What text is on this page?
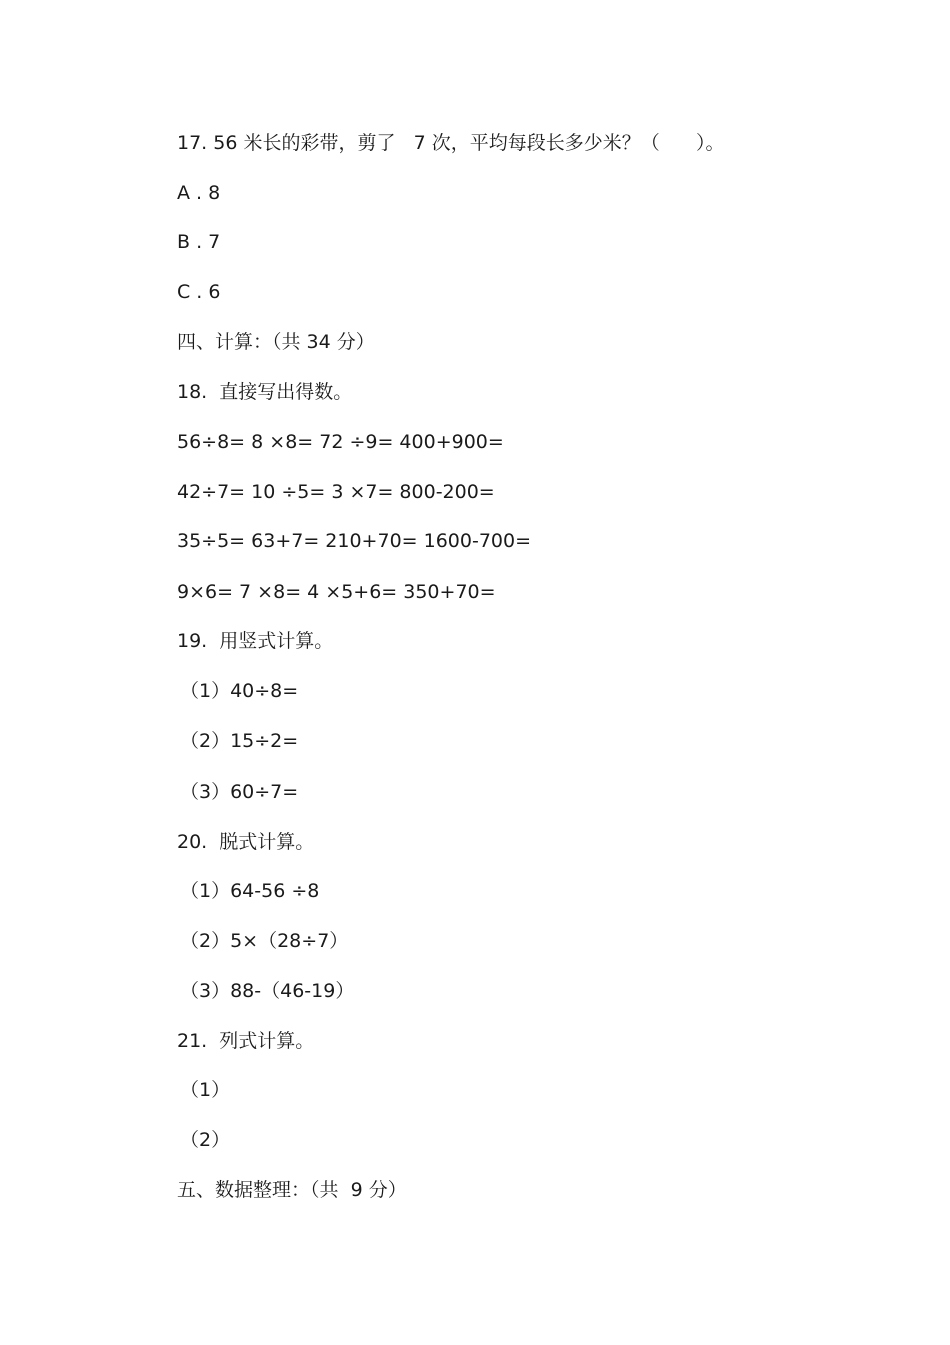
17. 56 米长的彩带，剪了   7 次，平均每段长多少米？（      ）。
A . 8
B . 7
C . 6
四、计算：（共 34 分）
18.  直接写出得数。
56÷8= 8 ×8= 72 ÷9= 400+900=
42÷7= 10 ÷5= 3 ×7= 800-200=
35÷5= 63+7= 210+70= 1600-700=
9×6= 7 ×8= 4 ×5+6= 350+70=
19.  用竖式计算。
（1）40÷8=
（2）15÷2=
（3）60÷7=
20.  脱式计算。
（1）64-56 ÷8
（2）5×（28÷7）
（3）88-（46-19）
21.  列式计算。
（1）
（2）
五、数据整理：（共  9 分）
